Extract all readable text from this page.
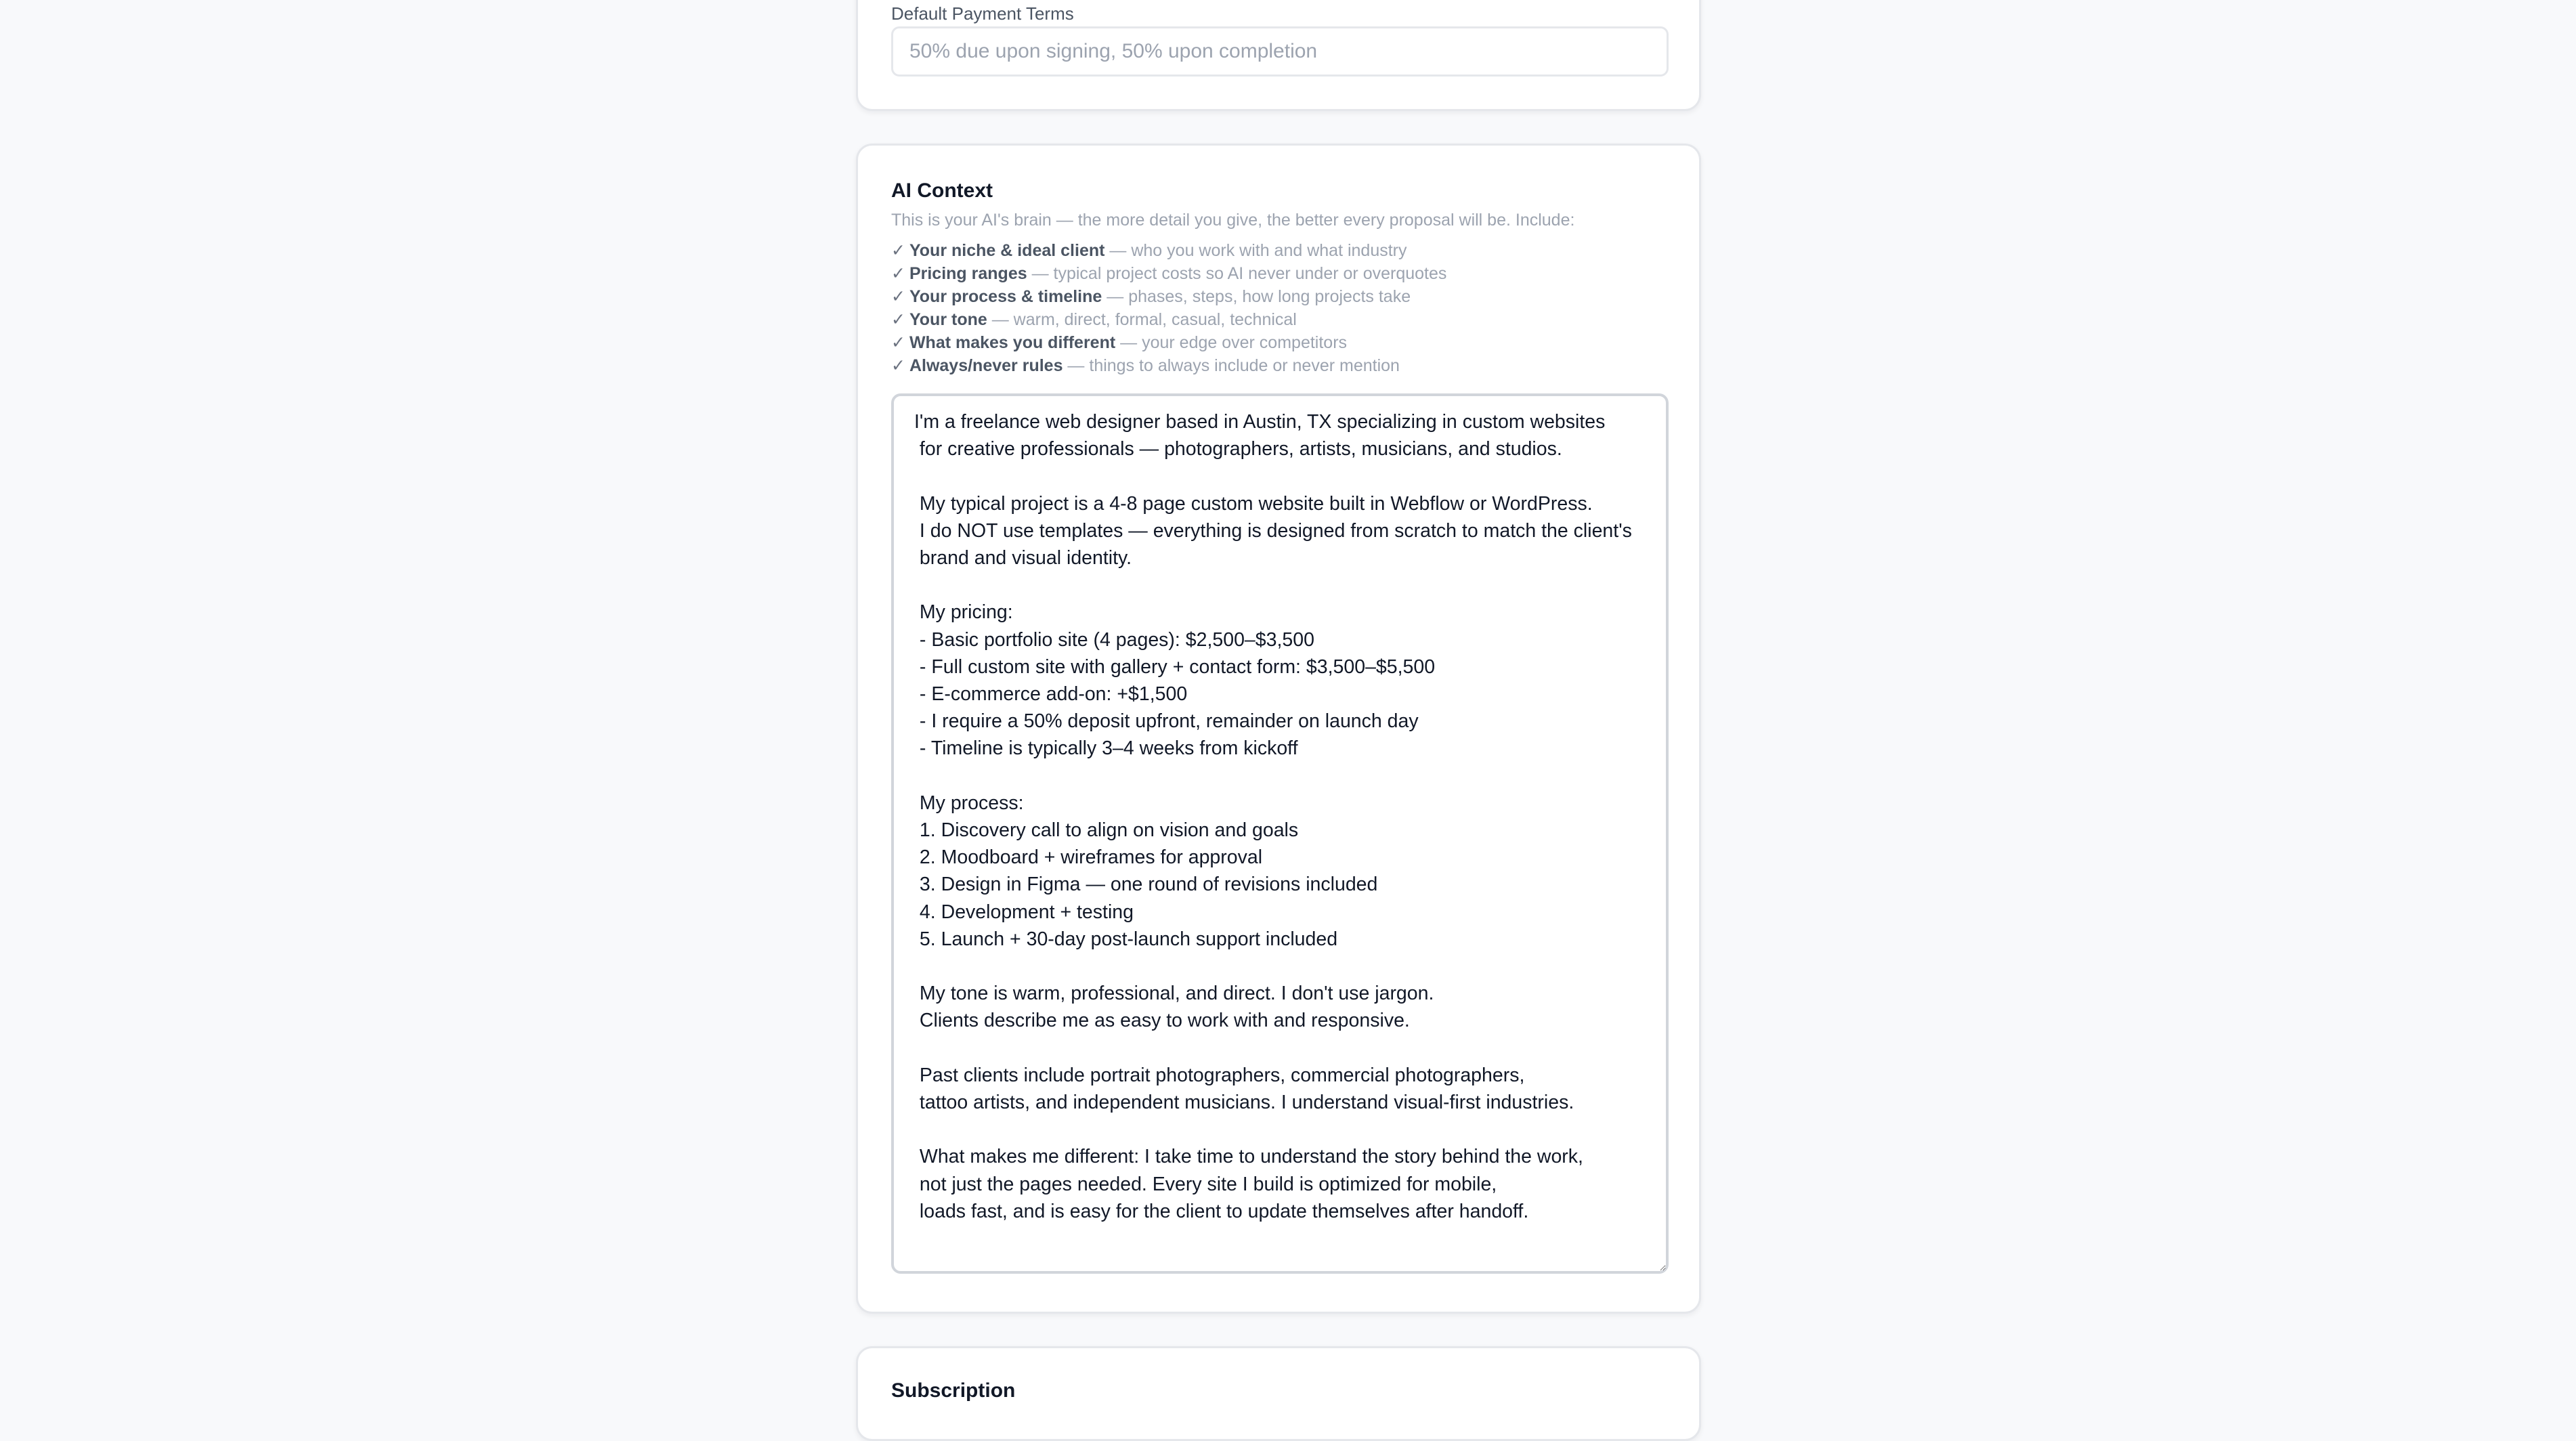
Default Payment Terms
50% due upon signing, 50% upon completion
AI Context
This is your AI's brain — the more detail you give, the better every proposal will be. Include:
✓ Your niche & ideal client — who you work with and what industry
✓ Pricing ranges — typical project costs so AI never under or overquotes
✓ Your process & timeline — phases, steps, how long projects take
✓ Your tone — warm, direct, formal, casual, technical
✓ What makes you different — your edge over competitors
✓ Always/never rules — things to always include or never mention
I'm a freelance web designer based in Austin, TX specializing in custom websites for creative professionals — photographers, artists, musicians, and studios. My typical project is a 4-8 page custom website built in Webflow or WordPress. I do NOT use templates — everything is designed from scratch to match the client's brand and visual identity. My pricing: - Basic portfolio site (4 pages): $2,500–$3,500 - Full custom site with gallery + contact form: $3,500–$5,500 - E-commerce add-on: +$1,500 - I require a 50% deposit upfront, remainder on launch day - Timeline is typically 3–4 weeks from kickoff My process: 1. Discovery call to align on vision and goals 2. Moodboard + wireframes for approval 3. Design in Figma — one round of revisions included 4. Development + testing 5. Launch + 30-day post-launch support included My tone is warm, professional, and direct. I don't use jargon. Clients describe me as easy to work with and responsive. Past clients include portrait photographers, commercial photographers, tattoo artists, and independent musicians. I understand visual-first industries. What makes me different: I take time to understand the story behind the work, not just the pages needed. Every site I build is optimized for mobile, loads fast, and is easy for the client to update themselves after handoff.
Subscription
